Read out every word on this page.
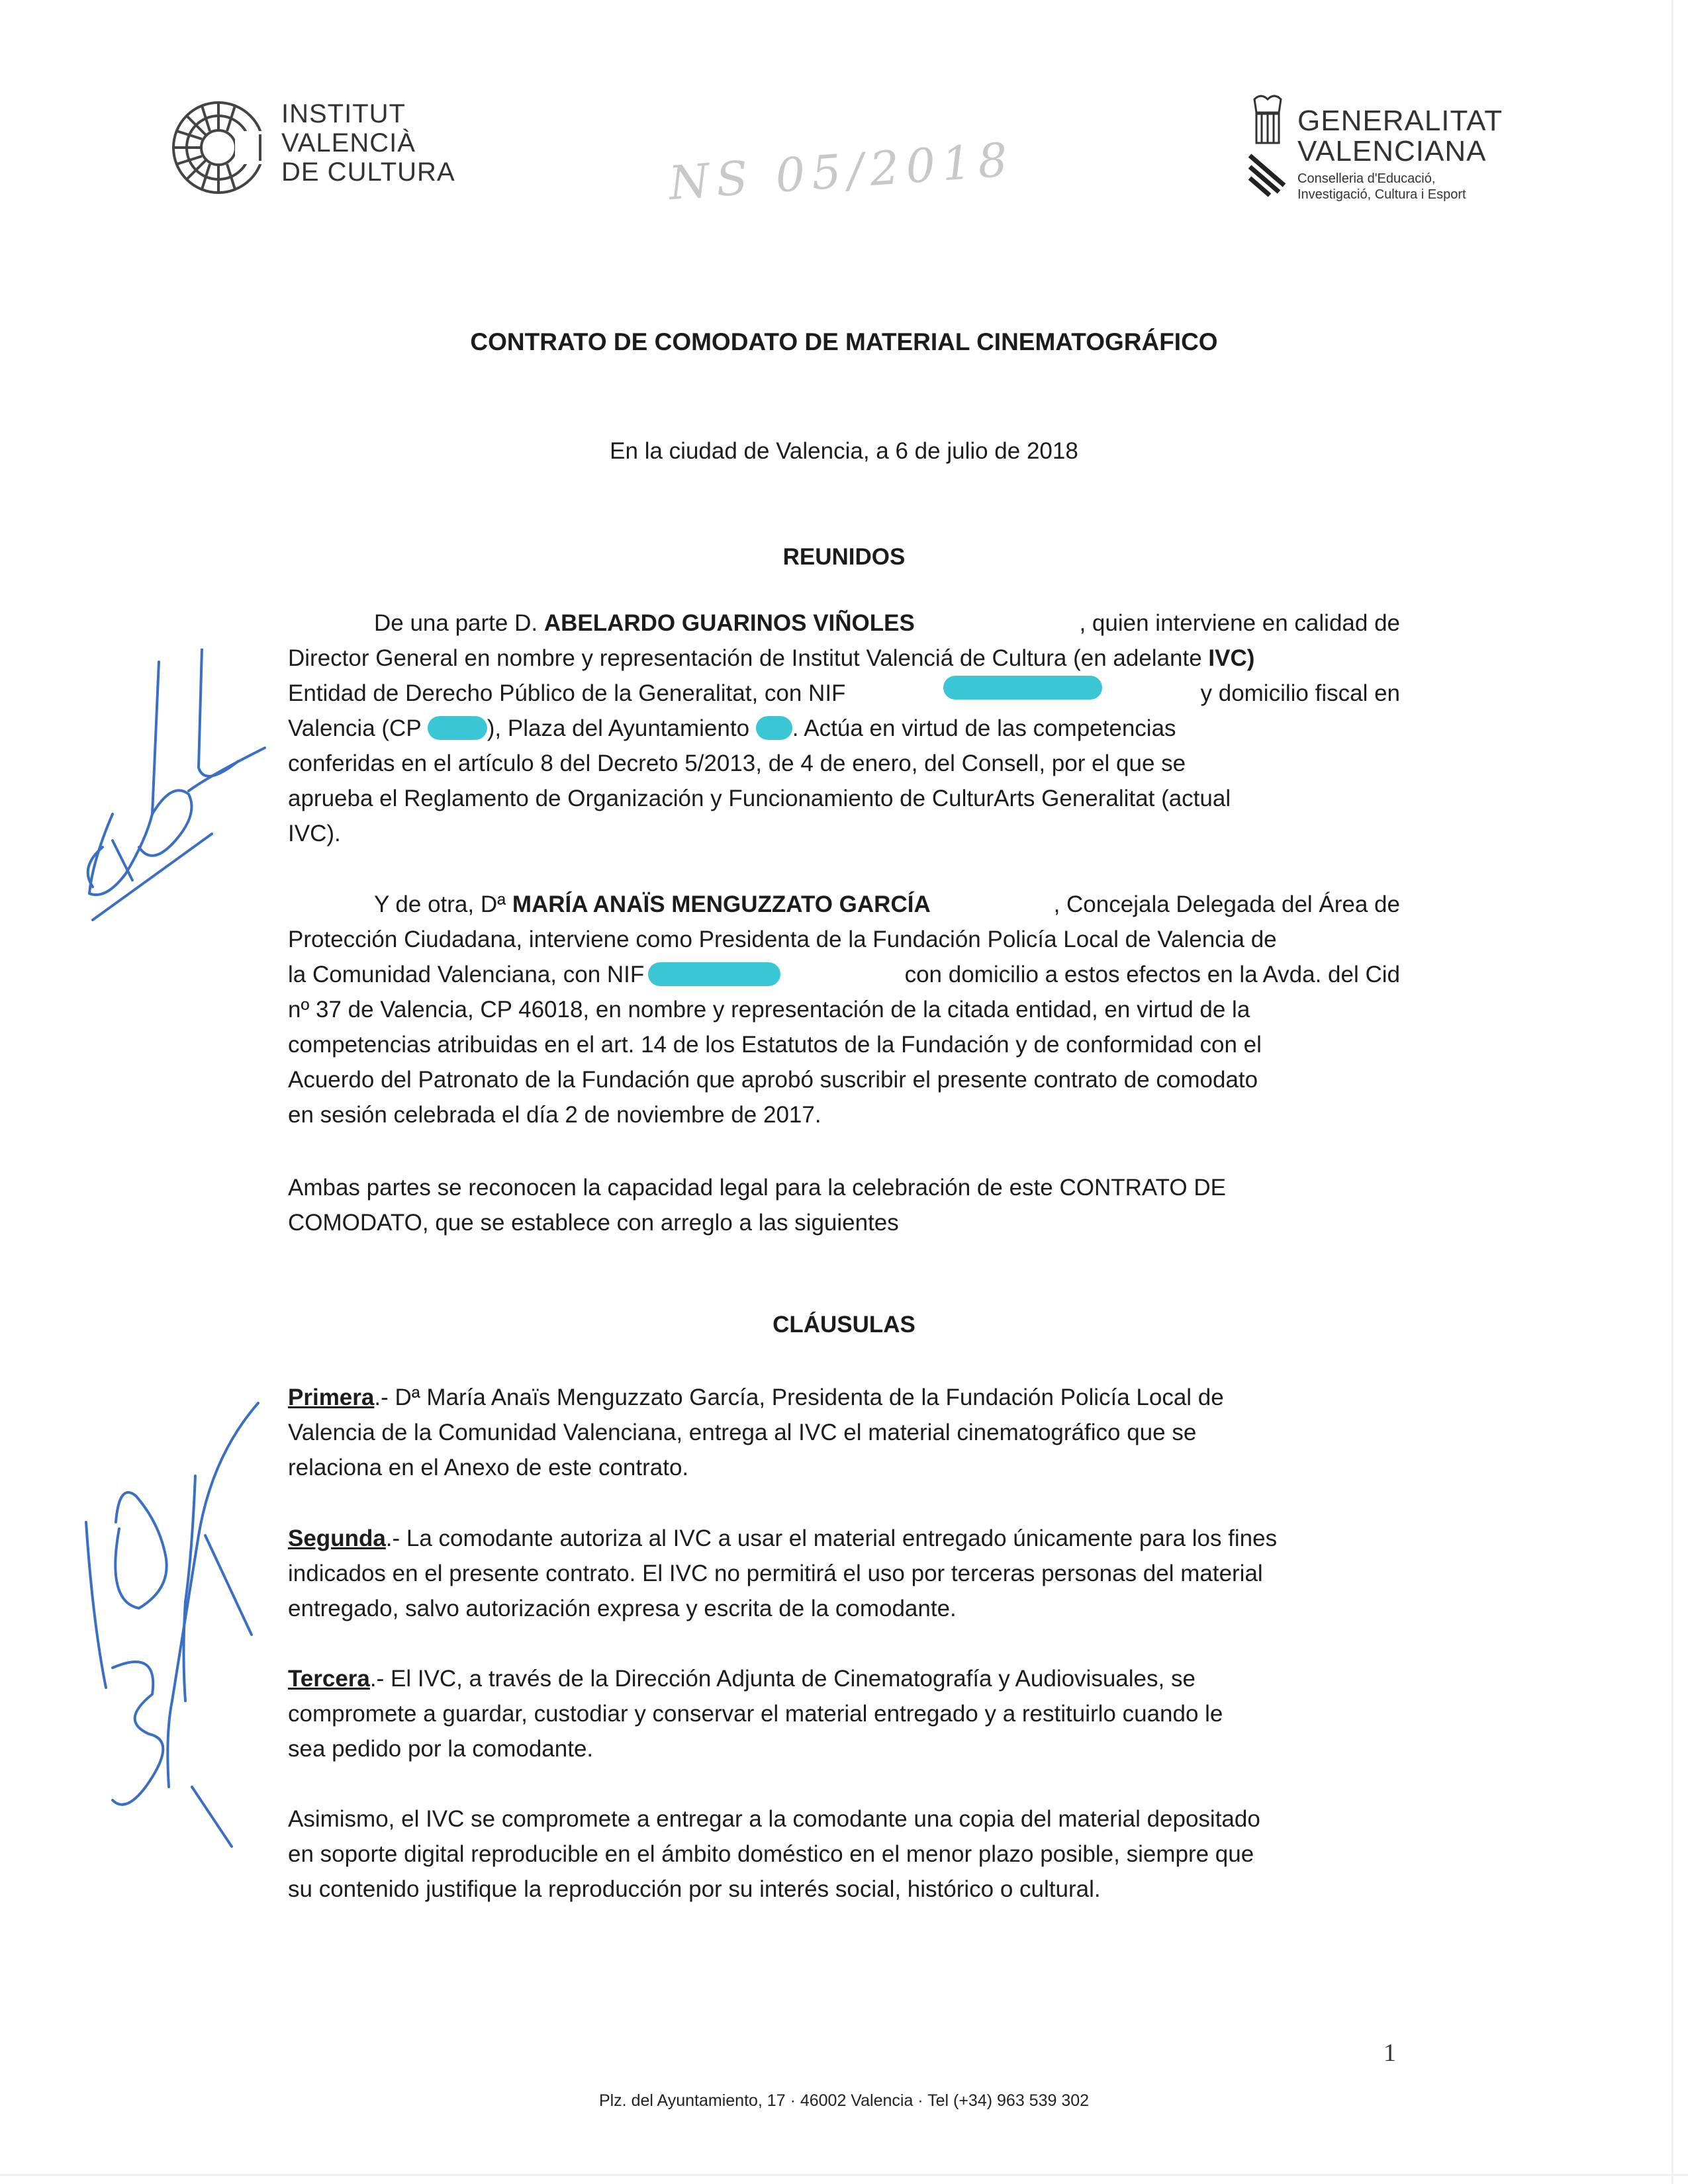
INSTITUT
VALENCIÀ
DE CULTURA	NS 05/2018
GENERALITAT
VALENCIANA
Conselleria d'Educació,
Investigació, Cultura i Esport
CONTRATO DE COMODATO DE MATERIAL CINEMATOGRÁFICO
En la ciudad de Valencia, a 6 de julio de 2018
REUNIDOS
De una parte D. ABELARDO GUARINOS VIÑOLES	, quien interviene en calidad de
Director General en nombre y representación de Institut Valenciá de Cultura (en adelante IVC)
Entidad de Derecho Público de la Generalitat, con NIF	y domicilio fiscal en
Valencia (CP	), Plaza del Ayuntamiento . Actúa en virtud de las competencias
conferidas en el artículo 8 del Decreto 5/2013, de 4 de enero, del Consell, por el que se
aprueba el Reglamento de Organización y Funcionamiento de CulturArts Generalitat (actual
IVC).
Y de otra, Dª MARÍA ANAÏS MENGUZZATO GARCÍA	, Concejala Delegada del Área de
Protección Ciudadana, interviene como Presidenta de la Fundación Policía Local de Valencia de
la Comunidad Valenciana, con NIF	con domicilio a estos efectos en la Avda. del Cid
nº 37 de Valencia, CP 46018, en nombre y representación de la citada entidad, en virtud de la
competencias atribuidas en el art. 14 de los Estatutos de la Fundación y de conformidad con el
Acuerdo del Patronato de la Fundación que aprobó suscribir el presente contrato de comodato
en sesión celebrada el día 2 de noviembre de 2017.
Ambas partes se reconocen la capacidad legal para la celebración de este CONTRATO DE
COMODATO, que se establece con arreglo a las siguientes
CLÁUSULAS
Primera.- Dª María Anaïs Menguzzato García, Presidenta de la Fundación Policía Local de
Valencia de la Comunidad Valenciana, entrega al IVC el material cinematográfico que se
relaciona en el Anexo de este contrato.
Segunda.- La comodante autoriza al IVC a usar el material entregado únicamente para los fines
indicados en el presente contrato. El IVC no permitirá el uso por terceras personas del material
entregado, salvo autorización expresa y escrita de la comodante.
Tercera.- El IVC, a través de la Dirección Adjunta de Cinematografía y Audiovisuales, se
compromete a guardar, custodiar y conservar el material entregado y a restituirlo cuando le
sea pedido por la comodante.
Asimismo, el IVC se compromete a entregar a la comodante una copia del material depositado
en soporte digital reproducible en el ámbito doméstico en el menor plazo posible, siempre que
su contenido justifique la reproducción por su interés social, histórico o cultural.
1
Plz. del Ayuntamiento, 17 · 46002 Valencia · Tel (+34) 963 539 302
